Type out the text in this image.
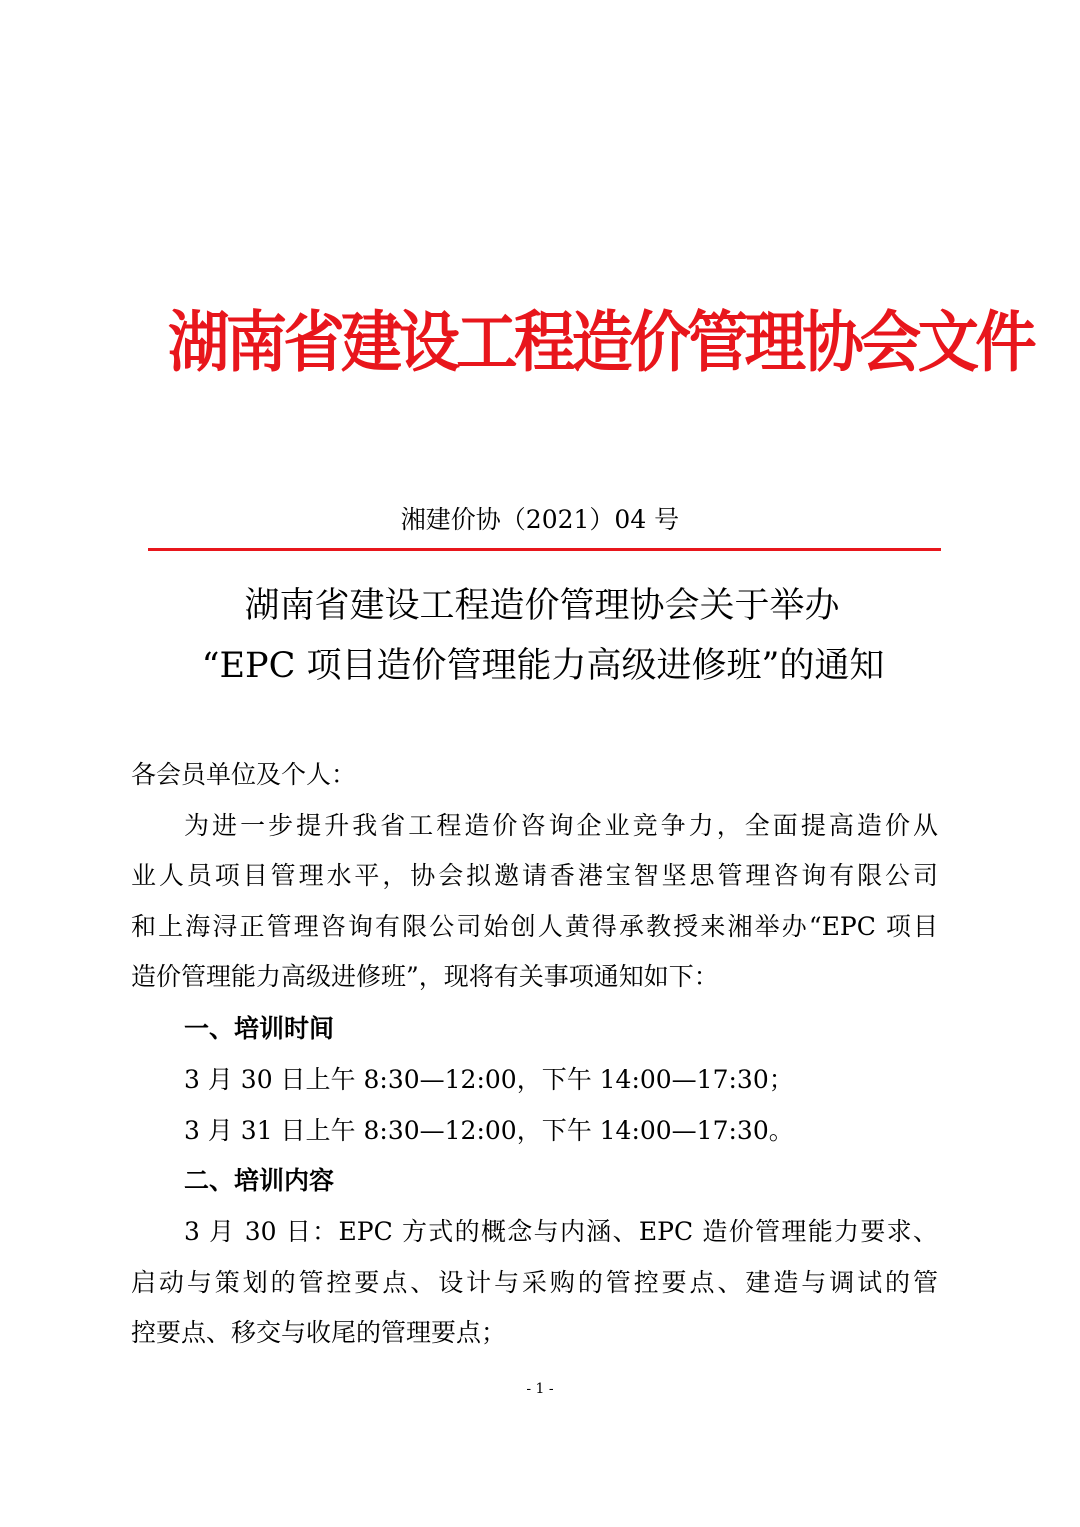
湖南省建设工程造价管理协会文件
湘建价协（2021）04 号
湖南省建设工程造价管理协会关于举办
“EPC 项目造价管理能力高级进修班”的通知
各会员单位及个人：
为进一步提升我省工程造价咨询企业竞争力，全面提高造价从
业人员项目管理水平，协会拟邀请香港宝智坚思管理咨询有限公司
和上海浔正管理咨询有限公司始创人黄得承教授来湘举办“EPC 项目
造价管理能力高级进修班”，现将有关事项通知如下：
一、培训时间
3 月 30 日上午 8:30—12:00，下午 14:00—17:30；
3 月 31 日上午 8:30—12:00，下午 14:00—17:30。
二、培训内容
3 月 30 日：EPC 方式的概念与内涵、EPC 造价管理能力要求、
启动与策划的管控要点、设计与采购的管控要点、建造与调试的管
控要点、移交与收尾的管理要点；
- 1 -
